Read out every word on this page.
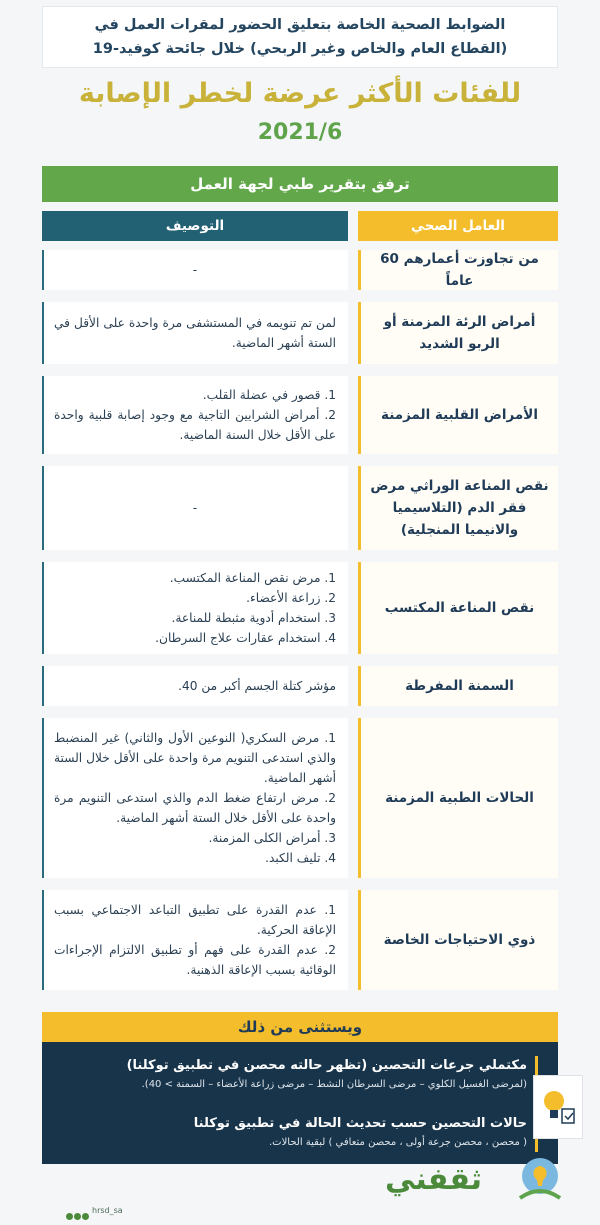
الضوابط الصحية الخاصة بتعليق الحضور لمقرات العمل في
(القطاع العام والخاص وغير الربحي) خلال جائحة كوفيد-19
للفئات الأكثر عرضة لخطر الإصابة
2021/6
ترفق بتقرير طبي لجهة العمل
العامل الصحي
التوصيف
من تجاوزت أعمارهم 60 عاماً
-
أمراض الرئة المزمنة أو الربو الشديد
لمن تم تنويمه في المستشفى مرة واحدة على الأقل في الستة أشهر الماضية.
الأمراض القلبية المزمنة
1. قصور في عضلة القلب.
2. أمراض الشرايين التاجية مع وجود إصابة قلبية واحدة على الأقل خلال السنة الماضية.
نقص المناعة الوراثي مرض فقر الدم (التلاسيميا والانيميا المنجلية)
-
نقص المناعة المكتسب
1. مرض نقص المناعة المكتسب.
2. زراعة الأعضاء.
3. استخدام أدوية مثبطة للمناعة.
4. استخدام عقارات علاج السرطان.
السمنة المفرطة
مؤشر كتلة الجسم أكبر من 40.
الحالات الطبية المزمنة
1. مرض السكري( النوعين الأول والثاني) غير المنضبط والذي استدعى التنويم مرة واحدة على الأقل خلال الستة أشهر الماضية.
2. مرض ارتفاع ضغط الدم والذي استدعى التنويم مرة واحدة على الأقل خلال الستة أشهر الماضية.
3. أمراض الكلى المزمنة.
4. تليف الكبد.
ذوي الاحتياجات الخاصة
1. عدم القدرة على تطبيق التباعد الاجتماعي بسبب الإعاقة الحركية.
2. عدم القدرة على فهم أو تطبيق الالتزام الإجراءات الوقائية بسبب الإعاقة الذهنية.
ويستثنى من ذلك
مكتملي جرعات التحصين (تظهر حالته محصن في تطبيق توكلنا)
(لمرضى الغسيل الكلوي – مرضى السرطان النشط – مرضى زراعة الأعضاء – السمنة > 40).
حالات التحصين حسب تحديث الحالة في تطبيق توكلنا
( محصن ، محصن جرعة أولى ، محصن متعافي ) لبقية الحالات.
ثقفني
hrsd_sa
